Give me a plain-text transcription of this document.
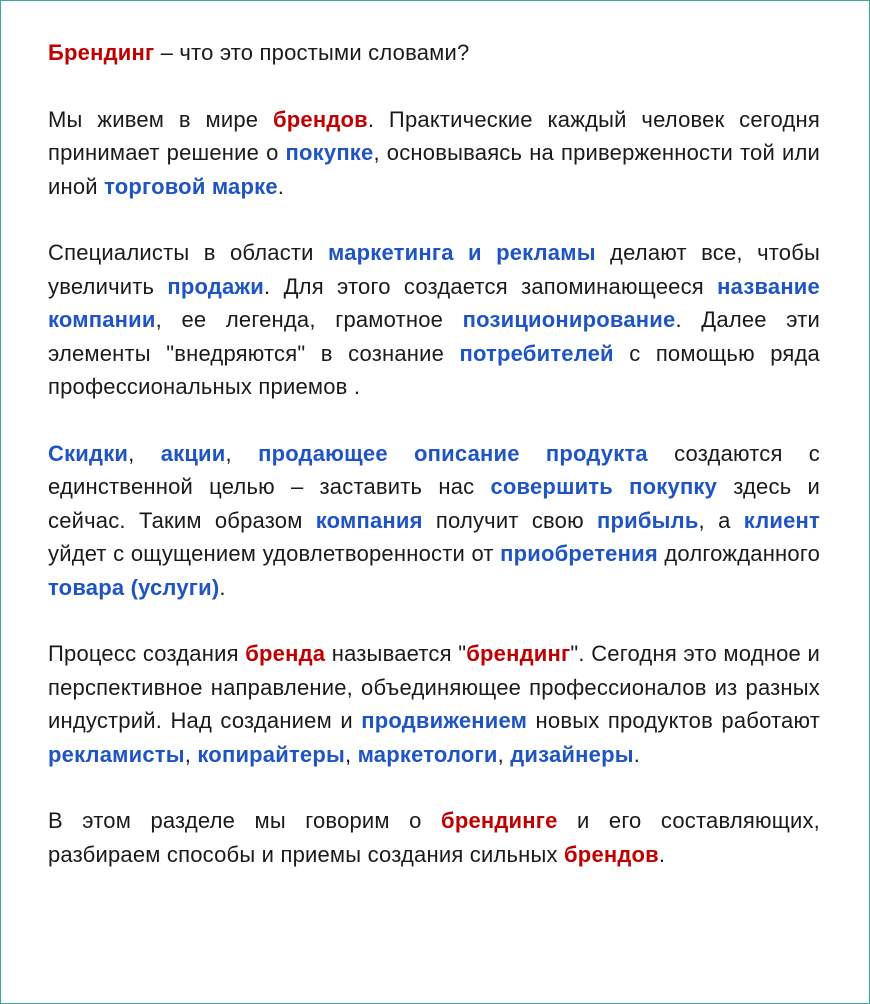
Брендинг – что это простыми словами?

Мы живем в мире брендов. Практические каждый человек сегодня принимает решение о покупке, основываясь на приверженности той или иной торговой марке.

Специалисты в области маркетинга и рекламы делают все, чтобы увеличить продажи. Для этого создается запоминающееся название компании, ее легенда, грамотное позиционирование. Далее эти элементы "внедряются" в сознание потребителей с помощью ряда профессиональных приемов .

Скидки, акции, продающее описание продукта создаются с единственной целью – заставить нас совершить покупку здесь и сейчас. Таким образом компания получит свою прибыль, а клиент уйдет с ощущением удовлетворенности от приобретения долгожданного товара (услуги).

Процесс создания бренда называется "брендинг". Сегодня это модное и перспективное направление, объединяющее профессионалов из разных индустрий. Над созданием и продвижением новых продуктов работают рекламисты, копирайтеры, маркетологи, дизайнеры.

В этом разделе мы говорим о брендинге и его составляющих, разбираем способы и приемы создания сильных брендов.
